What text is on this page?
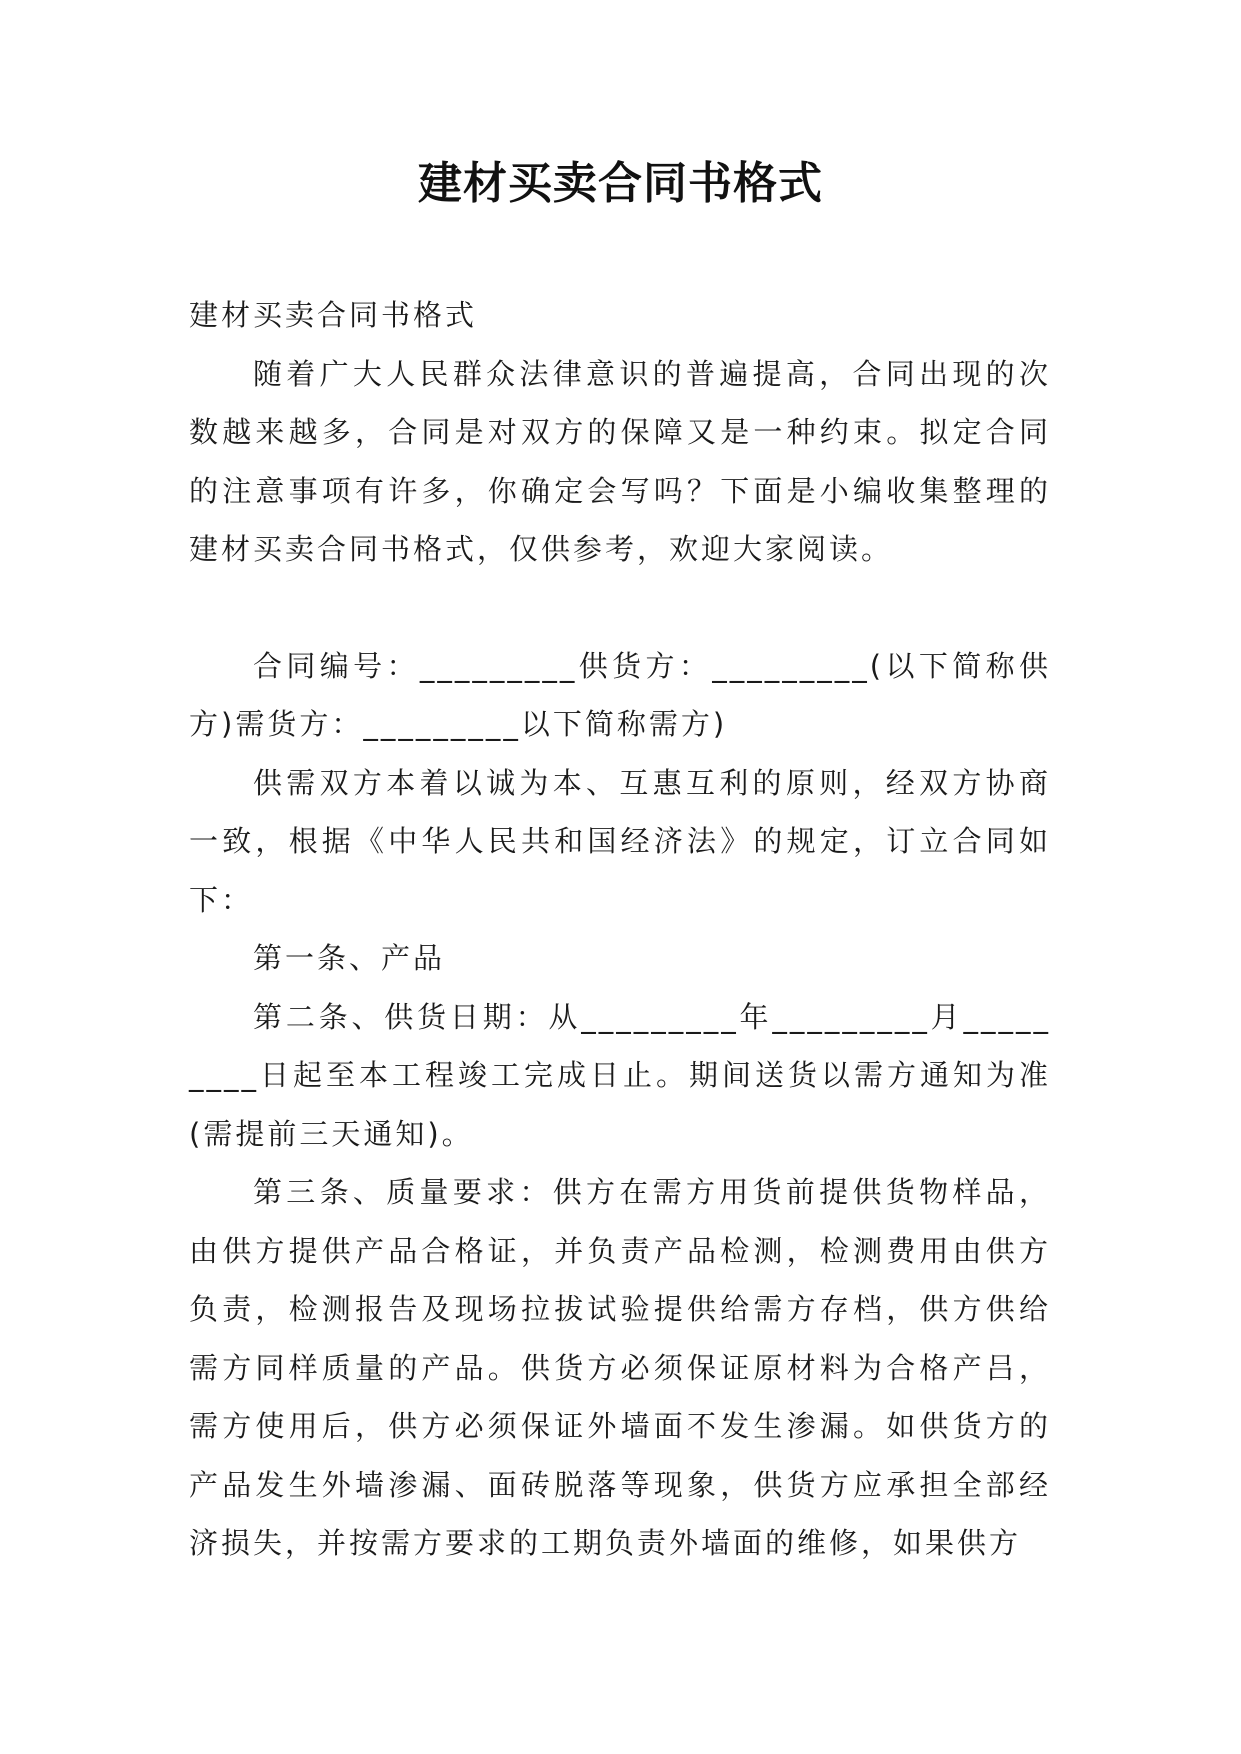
建材买卖合同书格式

建材买卖合同书格式

随着广大人民群众法律意识的普遍提高，合同出现的次数越来越多，合同是对双方的保障又是一种约束。拟定合同的注意事项有许多，你确定会写吗？下面是小编收集整理的建材买卖合同书格式，仅供参考，欢迎大家阅读。

合同编号：_________供货方：_________(以下简称供方)需货方：_________以下简称需方)

供需双方本着以诚为本、互惠互利的原则，经双方协商一致，根据《中华人民共和国经济法》的规定，订立合同如下：

第一条、产品

第二条、供货日期：从_________年_________月_________日起至本工程竣工完成日止。期间送货以需方通知为准(需提前三天通知)。

第三条、质量要求：供方在需方用货前提供货物样品，由供方提供产品合格证，并负责产品检测，检测费用由供方负责，检测报告及现场拉拔试验提供给需方存档，供方供给需方同样质量的产品。供货方必须保证原材料为合格产吕，需方使用后，供方必须保证外墙面不发生渗漏。如供货方的产品发生外墙渗漏、面砖脱落等现象，供货方应承担全部经济损失，并按需方要求的工期负责外墙面的维修，如果供方
